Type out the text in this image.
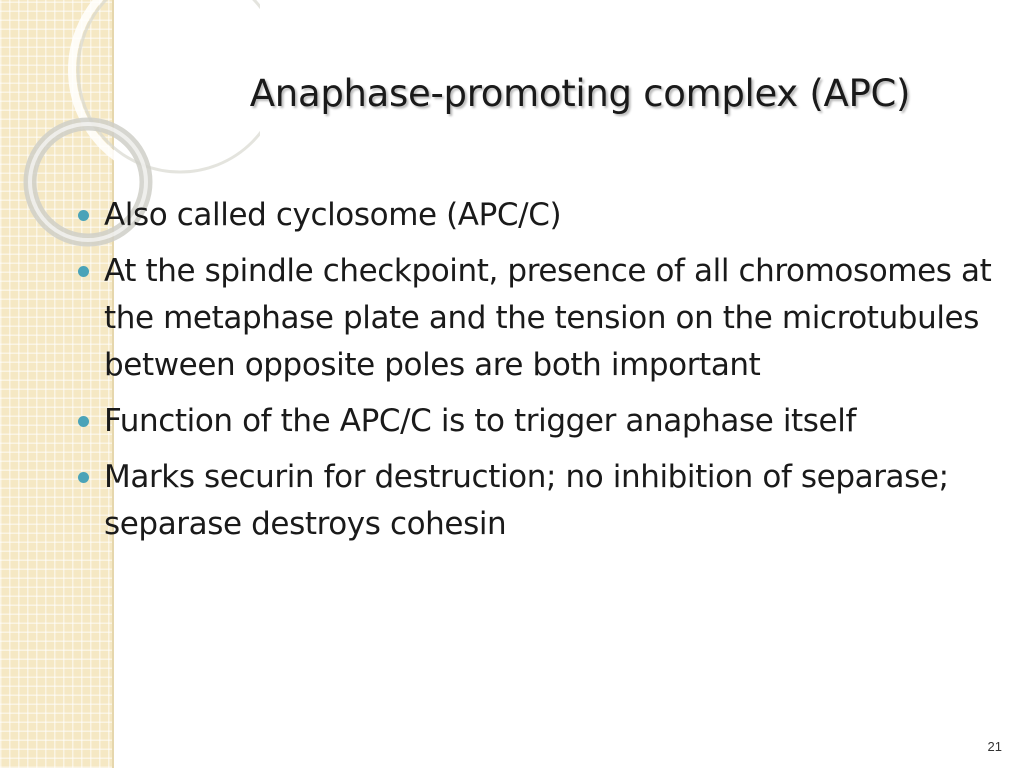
Anaphase-promoting complex (APC)
Also called cyclosome (APC/C)
At the spindle checkpoint, presence of all chromosomes at the metaphase plate and the tension on the microtubules between opposite poles are both important
Function of the APC/C is to trigger anaphase itself
Marks securin for destruction; no inhibition of separase; separase destroys cohesin
21
